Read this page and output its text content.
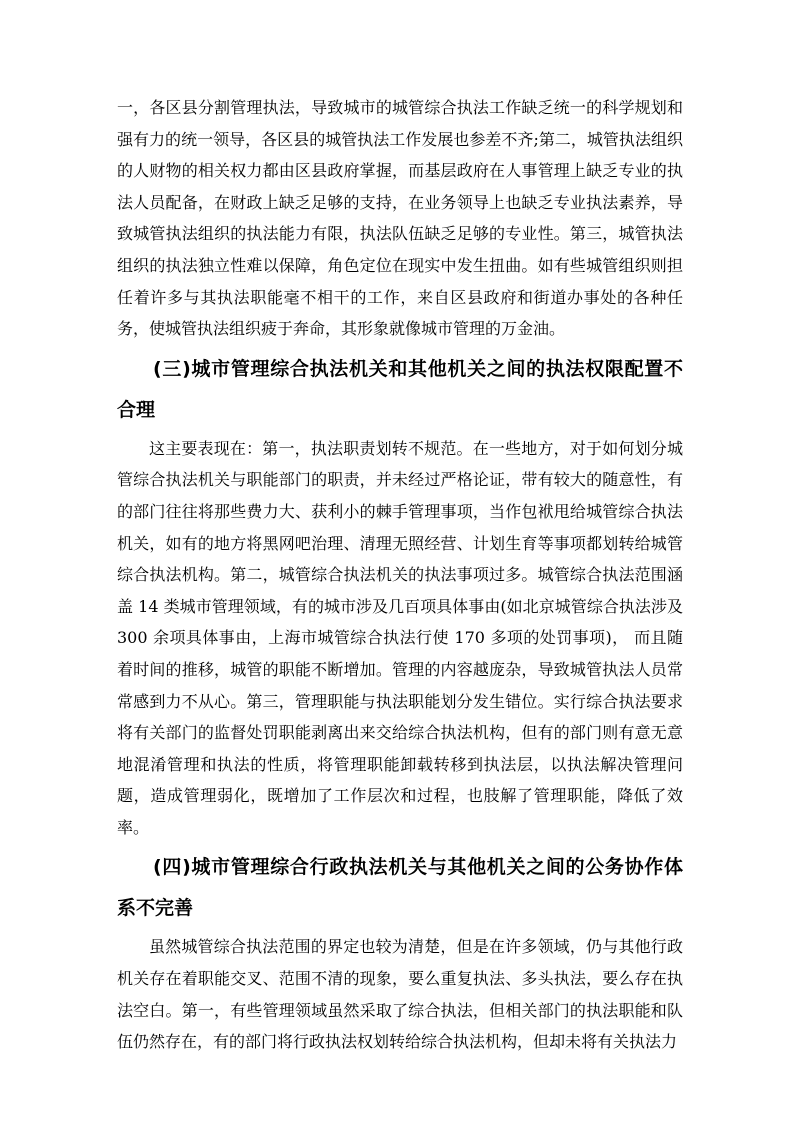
一，各区县分割管理执法，导致城市的城管综合执法工作缺乏统一的科学规划和强有力的统一领导，各区县的城管执法工作发展也参差不齐;第二，城管执法组织的人财物的相关权力都由区县政府掌握，而基层政府在人事管理上缺乏专业的执法人员配备，在财政上缺乏足够的支持，在业务领导上也缺乏专业执法素养，导致城管执法组织的执法能力有限，执法队伍缺乏足够的专业性。第三，城管执法组织的执法独立性难以保障，角色定位在现实中发生扭曲。如有些城管组织则担任着许多与其执法职能毫不相干的工作，来自区县政府和街道办事处的各种任务，使城管执法组织疲于奔命，其形象就像城市管理的万金油。

(三)城市管理综合执法机关和其他机关之间的执法权限配置不合理

这主要表现在：第一，执法职责划转不规范。在一些地方，对于如何划分城管综合执法机关与职能部门的职责，并未经过严格论证，带有较大的随意性，有的部门往往将那些费力大、获利小的棘手管理事项，当作包袱甩给城管综合执法机关，如有的地方将黑网吧治理、清理无照经营、计划生育等事项都划转给城管综合执法机构。第二，城管综合执法机关的执法事项过多。城管综合执法范围涵盖 14 类城市管理领域，有的城市涉及几百项具体事由(如北京城管综合执法涉及 300 余项具体事由，上海市城管综合执法行使 170 多项的处罚事项)， 而且随着时间的推移，城管的职能不断增加。管理的内容越庞杂，导致城管执法人员常常感到力不从心。第三，管理职能与执法职能划分发生错位。实行综合执法要求将有关部门的监督处罚职能剥离出来交给综合执法机构，但有的部门则有意无意地混淆管理和执法的性质，将管理职能卸载转移到执法层，以执法解决管理问题，造成管理弱化，既增加了工作层次和过程，也肢解了管理职能，降低了效率。

(四)城市管理综合行政执法机关与其他机关之间的公务协作体系不完善

虽然城管综合执法范围的界定也较为清楚，但是在许多领域，仍与其他行政机关存在着职能交叉、范围不清的现象，要么重复执法、多头执法，要么存在执法空白。第一，有些管理领域虽然采取了综合执法，但相关部门的执法职能和队伍仍然存在，有的部门将行政执法权划转给综合执法机构，但却未将有关执法力
